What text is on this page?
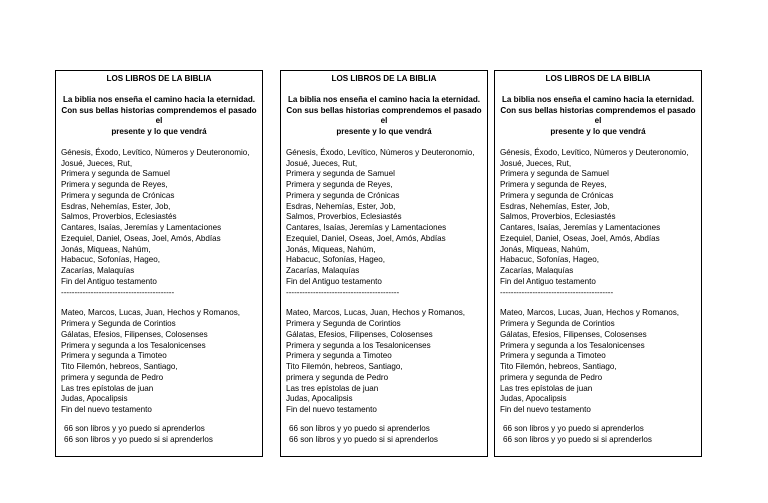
LOS LIBROS DE LA BIBLIA
La biblia nos enseña el camino hacia la eternidad.
Con sus bellas historias comprendemos el pasado el
presente y lo que vendrá
Génesis, Éxodo, Levítico, Números y Deuteronomio,
Josué, Jueces, Rut,
Primera y segunda de Samuel
Primera y segunda de Reyes,
Primera y segunda de Crónicas
Esdras, Nehemías, Ester, Job,
Salmos, Proverbios, Eclesiastés
Cantares, Isaías, Jeremías y Lamentaciones
Ezequiel, Daniel, Oseas, Joel, Amós, Abdías
Jonás, Miqueas, Nahúm,
Habacuc, Sofonías, Hageo,
Zacarías, Malaquías
Fin del Antiguo testamento
------------------------------------------
Mateo, Marcos, Lucas, Juan, Hechos y Romanos,
Primera y Segunda de Corintios
Gálatas, Efesios, Filipenses, Colosenses
Primera y segunda a los Tesalonicenses
Primera y segunda a Timoteo
Tito Filemón, hebreos, Santiago,
primera y segunda de Pedro
Las tres epístolas de juan
Judas, Apocalipsis
Fin del nuevo testamento
66 son libros y yo puedo si aprenderlos
66 son libros y yo puedo si si aprenderlos
LOS LIBROS DE LA BIBLIA
La biblia nos enseña el camino hacia la eternidad.
Con sus bellas historias comprendemos el pasado el
presente y lo que vendrá
Génesis, Éxodo, Levítico, Números y Deuteronomio,
Josué, Jueces, Rut,
Primera y segunda de Samuel
Primera y segunda de Reyes,
Primera y segunda de Crónicas
Esdras, Nehemías, Ester, Job,
Salmos, Proverbios, Eclesiastés
Cantares, Isaías, Jeremías y Lamentaciones
Ezequiel, Daniel, Oseas, Joel, Amós, Abdías
Jonás, Miqueas, Nahúm,
Habacuc, Sofonías, Hageo,
Zacarías, Malaquías
Fin del Antiguo testamento
------------------------------------------
Mateo, Marcos, Lucas, Juan, Hechos y Romanos,
Primera y Segunda de Corintios
Gálatas, Efesios, Filipenses, Colosenses
Primera y segunda a los Tesalonicenses
Primera y segunda a Timoteo
Tito Filemón, hebreos, Santiago,
primera y segunda de Pedro
Las tres epístolas de juan
Judas, Apocalipsis
Fin del nuevo testamento
66 son libros y yo puedo si aprenderlos
66 son libros y yo puedo si si aprenderlos
LOS LIBROS DE LA BIBLIA
La biblia nos enseña el camino hacia la eternidad.
Con sus bellas historias comprendemos el pasado el
presente y lo que vendrá
Génesis, Éxodo, Levítico, Números y Deuteronomio,
Josué, Jueces, Rut,
Primera y segunda de Samuel
Primera y segunda de Reyes,
Primera y segunda de Crónicas
Esdras, Nehemías, Ester, Job,
Salmos, Proverbios, Eclesiastés
Cantares, Isaías, Jeremías y Lamentaciones
Ezequiel, Daniel, Oseas, Joel, Amós, Abdías
Jonás, Miqueas, Nahúm,
Habacuc, Sofonías, Hageo,
Zacarías, Malaquías
Fin del Antiguo testamento
------------------------------------------
Mateo, Marcos, Lucas, Juan, Hechos y Romanos,
Primera y Segunda de Corintios
Gálatas, Efesios, Filipenses, Colosenses
Primera y segunda a los Tesalonicenses
Primera y segunda a Timoteo
Tito Filemón, hebreos, Santiago,
primera y segunda de Pedro
Las tres epístolas de juan
Judas, Apocalipsis
Fin del nuevo testamento
66 son libros y yo puedo si aprenderlos
66 son libros y yo puedo si si aprenderlos
